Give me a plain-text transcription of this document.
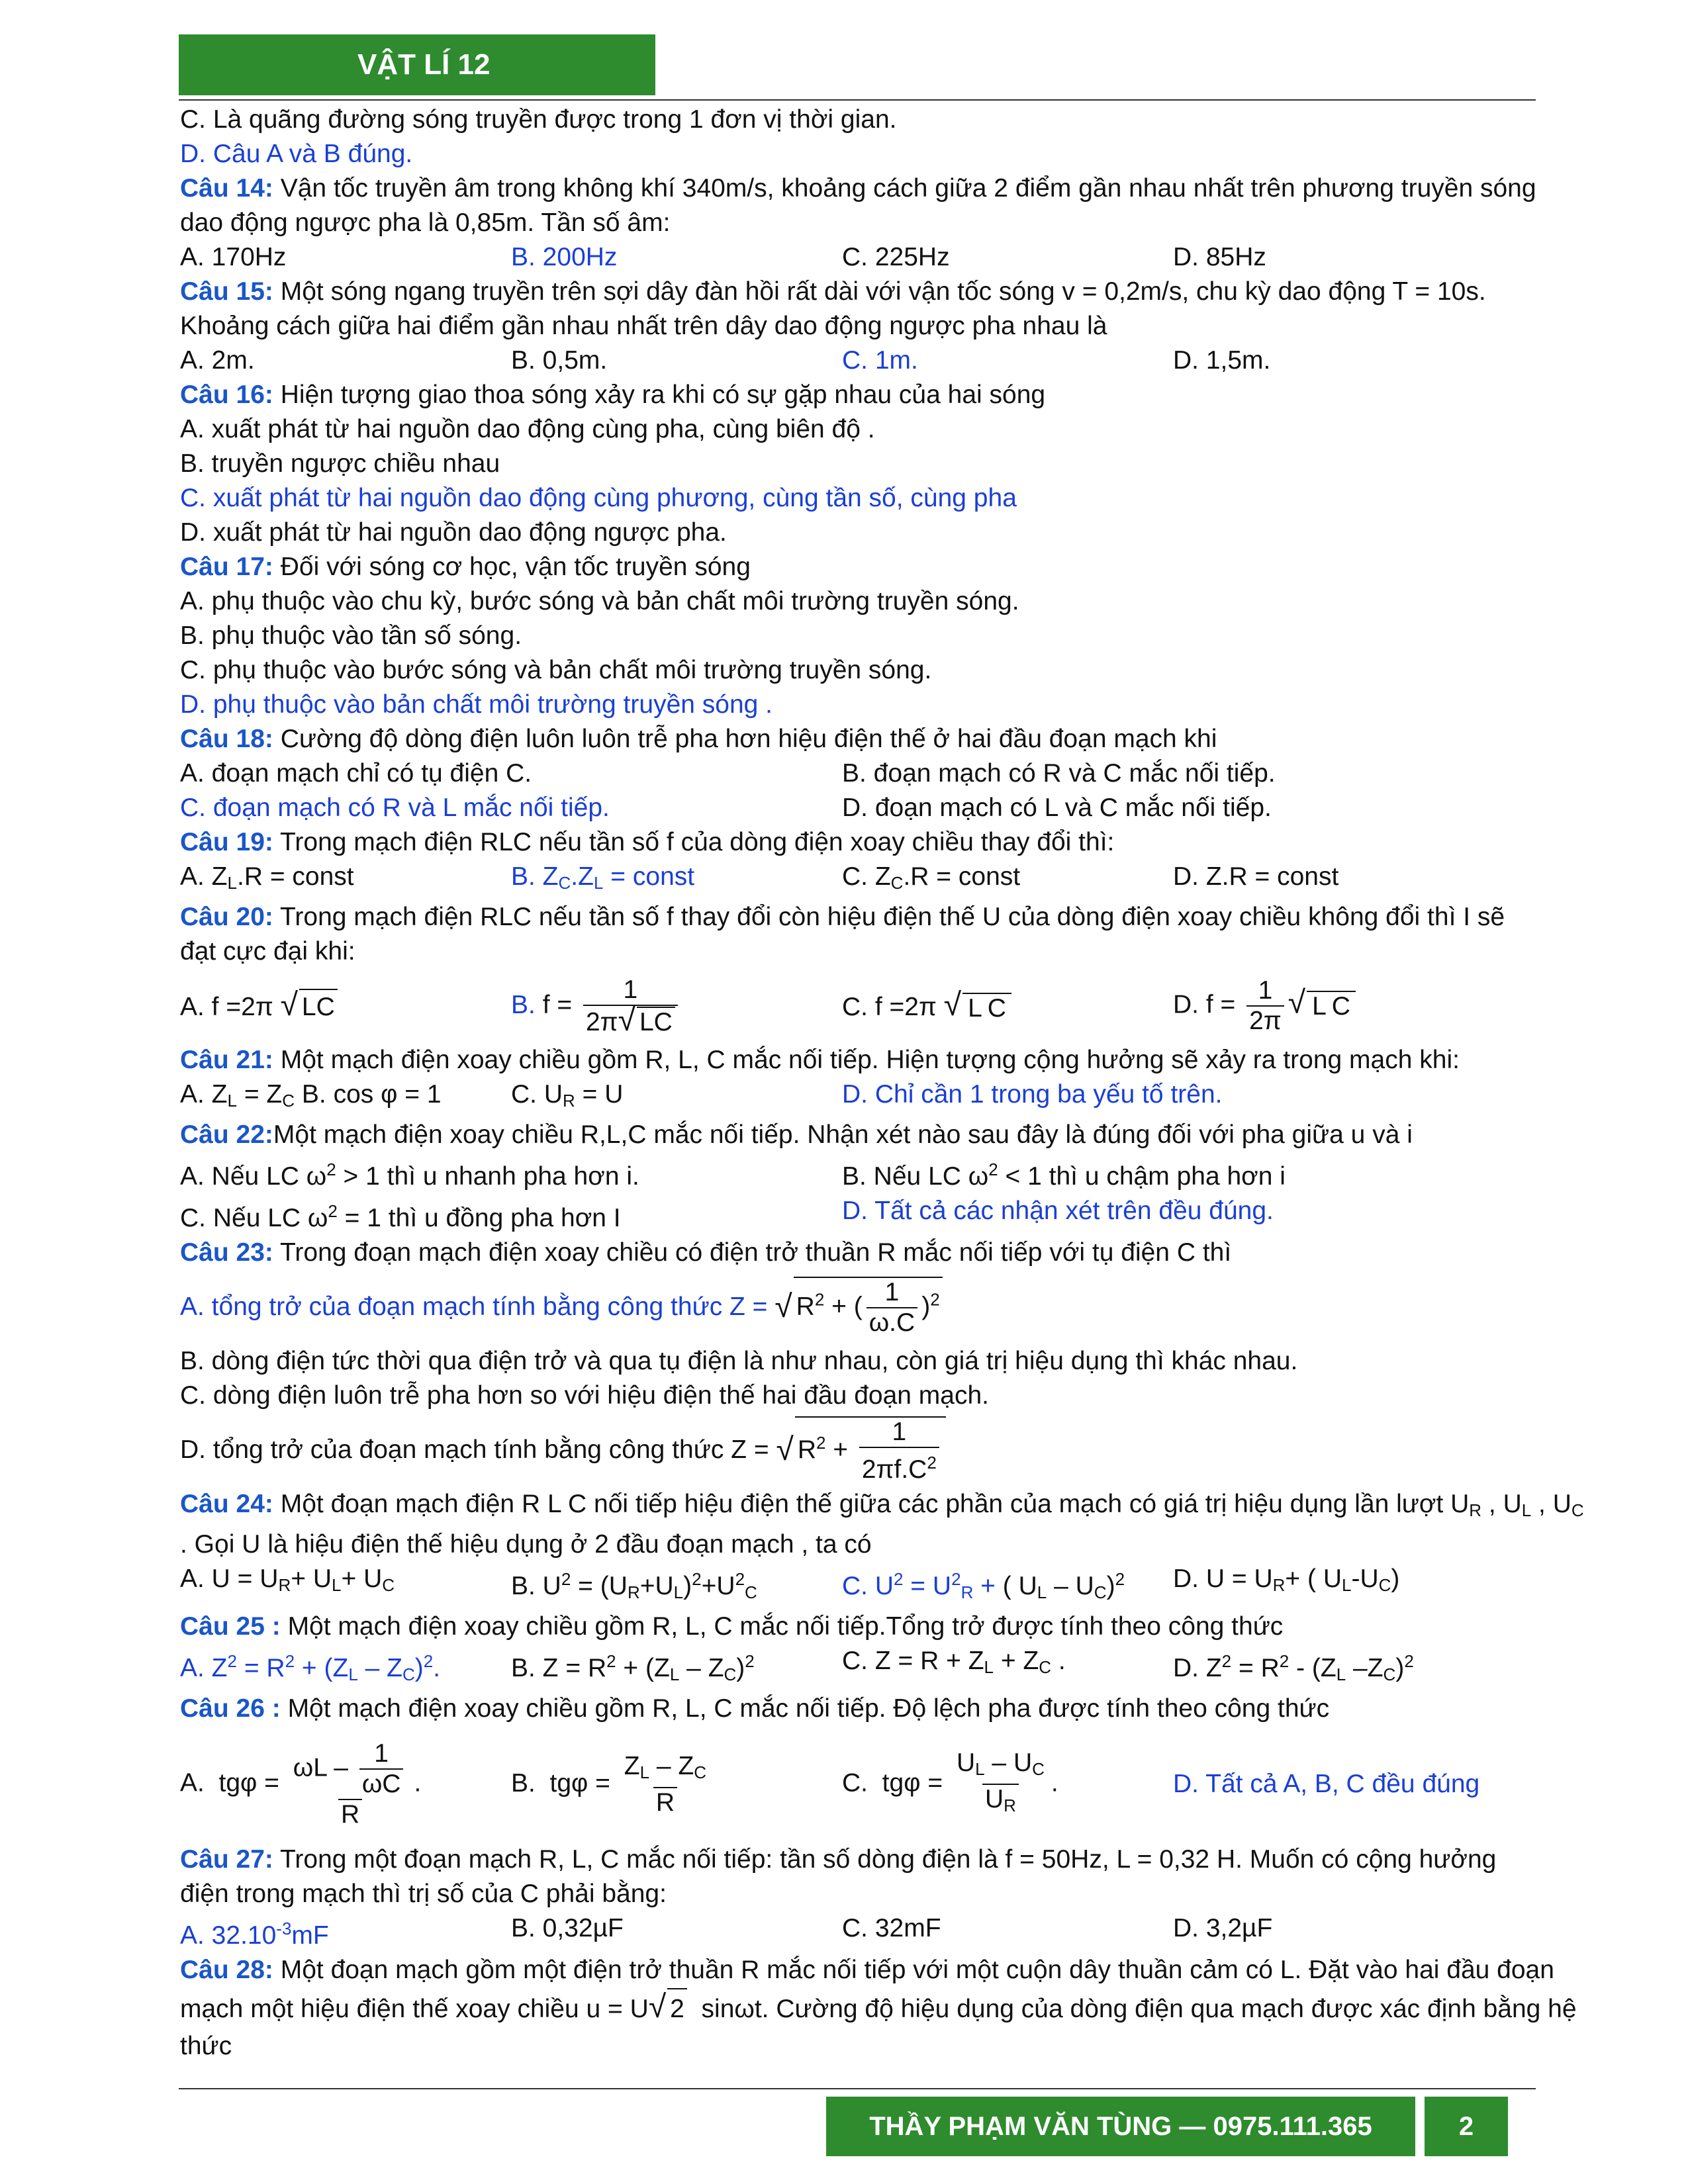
VẬT LÍ 12
C. Là quãng đường sóng truyền được trong 1 đơn vị thời gian.
D. Câu A và B đúng.
Câu 14: Vận tốc truyền âm trong không khí 340m/s, khoảng cách giữa 2 điểm gần nhau nhất trên phương truyền sóng dao động ngược pha là 0,85m. Tần số âm:
A. 170Hz	B. 200Hz	C. 225Hz	D. 85Hz
Câu 15: Một sóng ngang truyền trên sợi dây đàn hồi rất dài với vận tốc sóng v = 0,2m/s, chu kỳ dao động T = 10s. Khoảng cách giữa hai điểm gần nhau nhất trên dây dao động ngược pha nhau là
A. 2m.	B. 0,5m.	C. 1m.	D. 1,5m.
Câu 16: Hiện tượng giao thoa sóng xảy ra khi có sự gặp nhau của hai sóng
A. xuất phát từ hai nguồn dao động cùng pha, cùng biên độ .
B. truyền ngược chiều nhau
C. xuất phát từ hai nguồn dao động cùng phương, cùng tần số, cùng pha
D. xuất phát từ hai nguồn dao động ngược pha.
Câu 17: Đối với sóng cơ học, vận tốc truyền sóng
A. phụ thuộc vào chu kỳ, bước sóng và bản chất môi trường truyền sóng.
B. phụ thuộc vào tần số sóng.
C. phụ thuộc vào bước sóng và bản chất môi trường truyền sóng.
D. phụ thuộc vào bản chất môi trường truyền sóng .
Câu 18: Cường độ dòng điện luôn luôn trễ pha hơn hiệu điện thế ở hai đầu đoạn mạch khi
A. đoạn mạch chỉ có tụ điện C.	B. đoạn mạch có R và C mắc nối tiếp.
C. đoạn mạch có R và L mắc nối tiếp.	D. đoạn mạch có L và C mắc nối tiếp.
Câu 19: Trong mạch điện RLC nếu tần số f của dòng điện xoay chiều thay đổi thì:
A. $Z_L.R$ = const	B. $Z_C.Z_L$ = const	C. $Z_C.R$ = const	D. Z.R = const
Câu 20: Trong mạch điện RLC nếu tần số f thay đổi còn hiệu điện thế U của dòng điện xoay chiều không đổi thì I sẽ đạt cực đại khi:
A. f =2π √ LC	B. $f = \frac{1}{2\pi√ LC}$	C. f =2π √ L C	D. $f = \frac{1}{2\pi}$ √ L C
Câu 21: Một mạch điện xoay chiều gồm R, L, C mắc nối tiếp. Hiện tượng cộng hưởng sẽ xảy ra trong mạch khi:
A. $Z_L = Z_C$ B. cos φ = 1	C. $U_R = U$	D. Chỉ cần 1 trong ba yếu tố trên.
Câu 22:Một mạch điện xoay chiều R,L,C mắc nối tiếp. Nhận xét nào sau đây là đúng đối với pha giữa u và i
A. Nếu LC $\omega^2 > 1$ thì u nhanh pha hơn i.	B. Nếu LC $\omega^2 < 1$ thì u chậm pha hơn i
C. Nếu LC $\omega^2 = 1$ thì u đồng pha hơn I	D. Tất cả các nhận xét trên đều đúng.
Câu 23: Trong đoạn mạch điện xoay chiều có điện trở thuần R mắc nối tiếp với tụ điện C thì
A. tổng trở của đoạn mạch tính bằng công thức Z =
√ $R^2$ + ( $\frac{1}{\omega.C} )^2$
B. dòng điện tức thời qua điện trở và qua tụ điện là như nhau, còn giá trị hiệu dụng thì khác nhau.
C. dòng điện luôn trễ pha hơn so với hiệu điện thế hai đầu đoạn mạch.
D. tổng trở của đoạn mạch tính bằng công thức Z =
√ $R^2 + \frac{1}{2\pi f.C^2}$
Câu 24: Một đoạn mạch điện R L C nối tiếp hiệu điện thế giữa các phần của mạch có giá trị hiệu dụng lần lượt $U_R$ , $U_L$ , $U_C$
. Gọi U là hiệu điện thế hiệu dụng ở 2 đầu đoạn mạch , ta có
A. $U = U_R+ U_L+ U_C$	B. $U^2 = (U_R+U_L)^2+U^2_C$	C. $U^2 = U^2_R$ + ( $U_L - U_C)^2$	D. $U = U_R+$ ( $U_L-U_C$)
Câu 25 : Một mạch điện xoay chiều gồm R, L, C mắc nối tiếp.Tổng trở được tính theo công thức
A. $Z^2 = R^2 + (Z_L - Z_C)^2$.	B. $Z = R^2 + (Z_L - Z_C)^2$	C. $Z = R + Z_L + Z_C$ .	D. $Z^2 = R^2 - (Z_L$ $-Z_C)^2$
Câu 26 : Một mạch điện xoay chiều gồm R, L, C mắc nối tiếp. Độ lệch pha được tính theo công thức
A.  $tg\varphi = \frac{\omega L - \frac{1}{\omega C}}{R}$ .	B.  $tg\varphi = \frac{Z_L - Z_C}{R}$	C.  $tg\varphi = \frac{U_L - U_C}{U_R}$ .	D. Tất cả A, B, C đều đúng
Câu 27: Trong một đoạn mạch R, L, C mắc nối tiếp: tần số dòng điện là f = 50Hz, L = 0,32 H. Muốn có cộng hưởng điện trong mạch thì trị số của C phải bằng:
A. $32.10^{-3}mF$	B. 0,32µF	C. 32mF	D. 3,2µF
Câu 28: Một đoạn mạch gồm một điện trở thuần R mắc nối tiếp với một cuộn dây thuần cảm có L. Đặt vào hai đầu đoạn
mạch một hiệu điện thế xoay chiều u = U√ 2 sinωt. Cường độ hiệu dụng của dòng điện qua mạch được xác định bằng hệ
thức
THẦY PHẠM VĂN TÙNG — 0975.111.365	2
